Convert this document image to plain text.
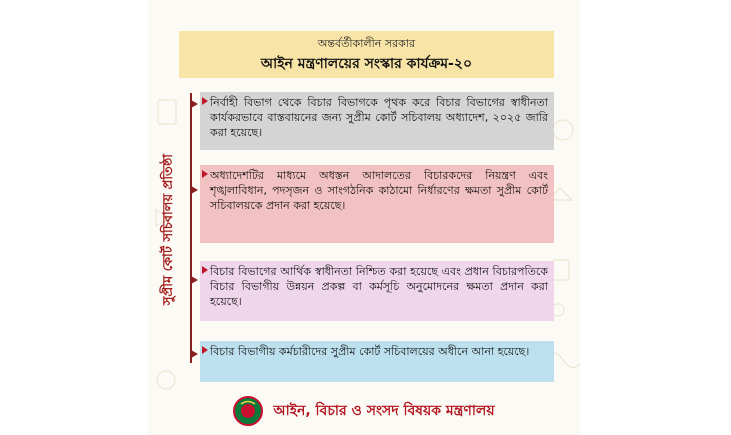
অন্তর্বর্তীকালীন সরকার
আইন মন্ত্রণালয়ের সংস্কার কার্যক্রম-২০
সুপ্রীম কোর্ট সচিবালয় প্রতিষ্ঠা
নির্বাহী বিভাগ থেকে বিচার বিভাগকে পৃথক করে বিচার বিভাগের স্বাধীনতা কার্যকরভাবে বাস্তবায়নের জন্য সুপ্রীম কোর্ট সচিবালয় অধ্যাদেশ, ২০২৫ জারি করা হয়েছে।
অধ্যাদেশটির মাধ্যমে অধস্তন আদালতের বিচারকদের নিয়ন্ত্রণ এবং শৃঙ্খলাবিধান, পদসৃজন ও সাংগঠনিক কাঠামো নির্ধারণের ক্ষমতা সুপ্রীম কোর্ট সচিবালয়কে প্রদান করা হয়েছে।
বিচার বিভাগের আর্থিক স্বাধীনতা নিশ্চিত করা হয়েছে এবং প্রধান বিচারপতিকে বিচার বিভাগীয় উন্নয়ন প্রকল্প বা কর্মসূচি অনুমোদনের ক্ষমতা প্রদান করা হয়েছে।
বিচার বিভাগীয় কর্মচারীদের সুপ্রীম কোর্ট সচিবালয়ের অধীনে আনা হয়েছে।
আইন, বিচার ও সংসদ বিষয়ক মন্ত্রণালয়
